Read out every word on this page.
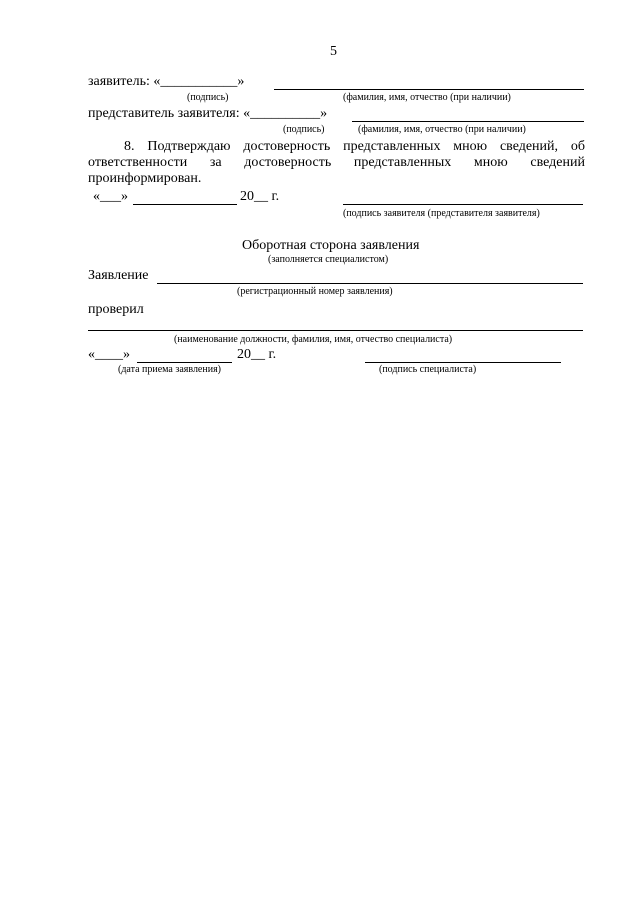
5
заявитель: «___________»
(подпись)	(фамилия, имя, отчество (при наличии)
представитель заявителя: «__________»
(подпись)	(фамилия, имя, отчество (при наличии)
8. Подтверждаю достоверность представленных мною сведений, об
ответственности за достоверность представленных мною сведений
проинформирован.
«___»	20__ г.
(подпись заявителя (представителя заявителя)
Оборотная сторона заявления
(заполняется специалистом)
Заявление
(регистрационный номер заявления)
проверил
(наименование должности, фамилия, имя, отчество специалиста)
«____»	20__ г.
(дата приема заявления)	(подпись специалиста)
